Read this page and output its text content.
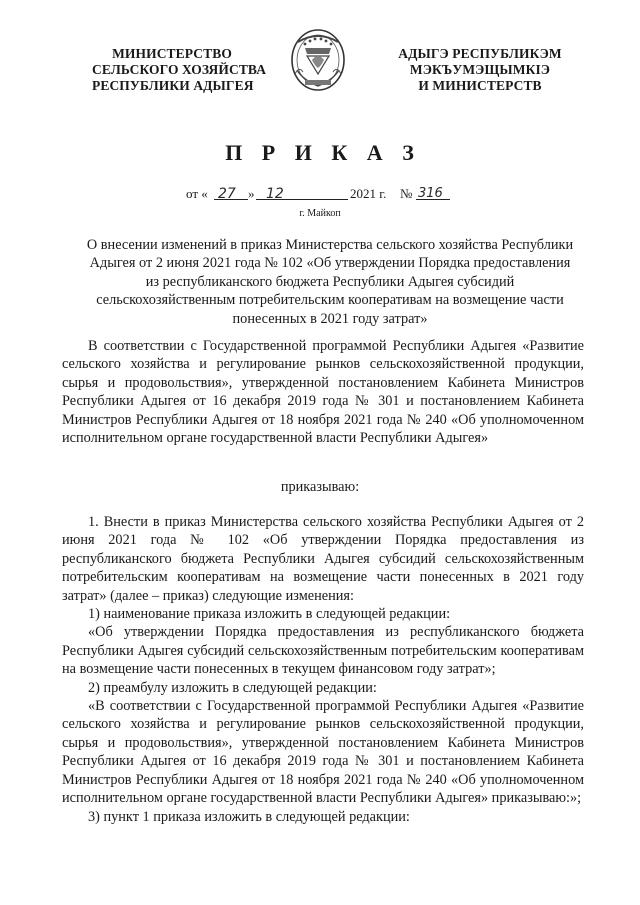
МИНИСТЕРСТВО
СЕЛЬСКОГО ХОЗЯЙСТВА
РЕСПУБЛИКИ АДЫГЕЯ
АДЫГЭ РЕСПУБЛИКЭМ
МЭКЪУМЭЩЫМКIЭ
И МИНИСТЕРСТВ
П Р И К А З
от « 27 » 12	2021 г. № 316
г. Майкоп
О внесении изменений в приказ Министерства сельского хозяйства Республики
Адыгея от 2 июня 2021 года № 102 «Об утверждении Порядка предоставления
из республиканского бюджета Республики Адыгея субсидий
сельскохозяйственным потребительским кооперативам на возмещение части
понесенных в 2021 году затрат»

В соответствии с Государственной программой Республики Адыгея «Развитие сельского хозяйства и регулирование рынков сельскохозяйственной продукции, сырья и продовольствия», утвержденной постановлением Кабинета Министров Республики Адыгея от 16 декабря 2019 года № 301 и постановлением Кабинета Министров Республики Адыгея от 18 ноября 2021 года № 240 «Об уполномоченном исполнительном органе государственной власти Республики Адыгея»

приказываю:

1. Внести в приказ Министерства сельского хозяйства Республики Адыгея от 2 июня 2021 года № 102 «Об утверждении Порядка предоставления из республиканского бюджета Республики Адыгея субсидий сельскохозяйственным потребительским кооперативам на возмещение части понесенных в 2021 году затрат» (далее – приказ) следующие изменения:

1) наименование приказа изложить в следующей редакции:

«Об утверждении Порядка предоставления из республиканского бюджета Республики Адыгея субсидий сельскохозяйственным потребительским кооперативам на возмещение части понесенных в текущем финансовом году затрат»;

2) преамбулу изложить в следующей редакции:

«В соответствии с Государственной программой Республики Адыгея «Развитие сельского хозяйства и регулирование рынков сельскохозяйственной продукции, сырья и продовольствия», утвержденной постановлением Кабинета Министров Республики Адыгея от 16 декабря 2019 года № 301 и постановлением Кабинета Министров Республики Адыгея от 18 ноября 2021 года № 240 «Об уполномоченном исполнительном органе государственной власти Республики Адыгея» приказываю:»;

3) пункт 1 приказа изложить в следующей редакции:
